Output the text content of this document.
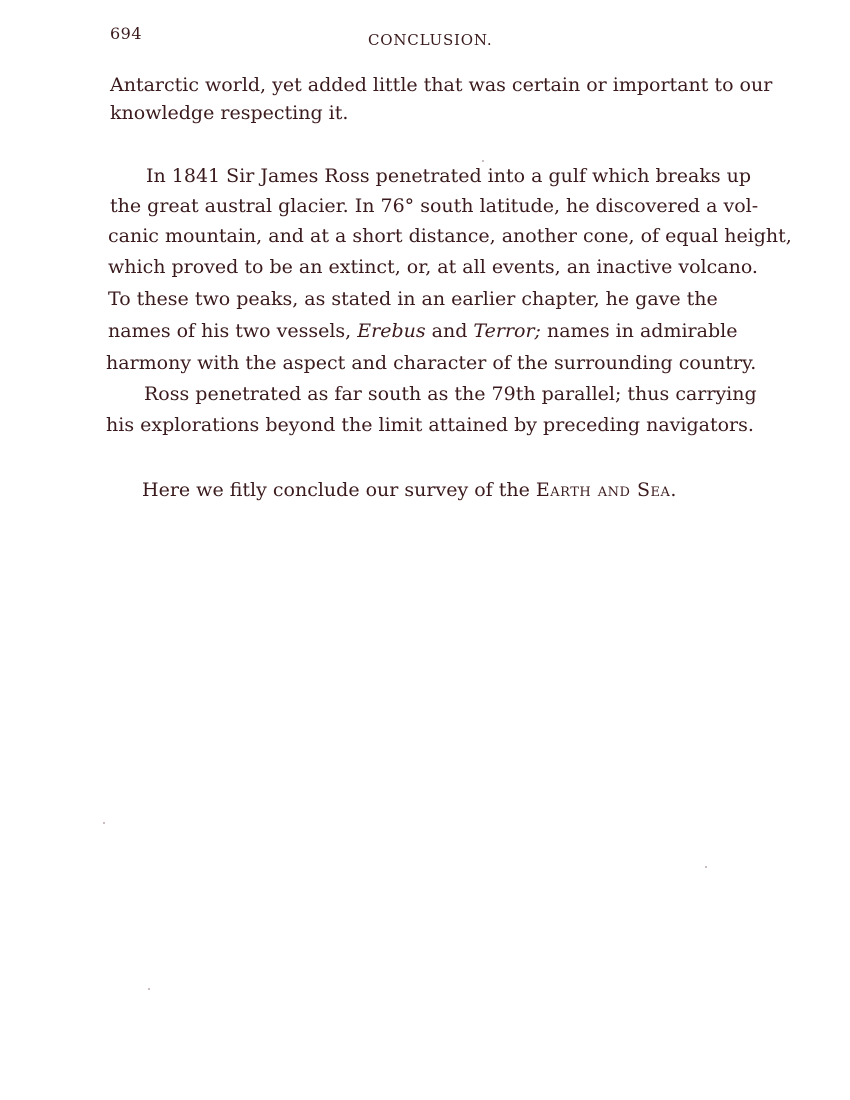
694	CONCLUSION.
Antarctic world, yet added little that was certain or important to our
knowledge respecting it.
In 1841 Sir James Ross penetrated into a gulf which breaks up
the great austral glacier. In 76° south latitude, he discovered a vol-
canic mountain, and at a short distance, another cone, of equal height,
which proved to be an extinct, or, at all events, an inactive volcano.
To these two peaks, as stated in an earlier chapter, he gave the
names of his two vessels, Erebus and Terror; names in admirable
harmony with the aspect and character of the surrounding country.
Ross penetrated as far south as the 79th parallel; thus carrying
his explorations beyond the limit attained by preceding navigators.
Here we fitly conclude our survey of the Earth and Sea.
